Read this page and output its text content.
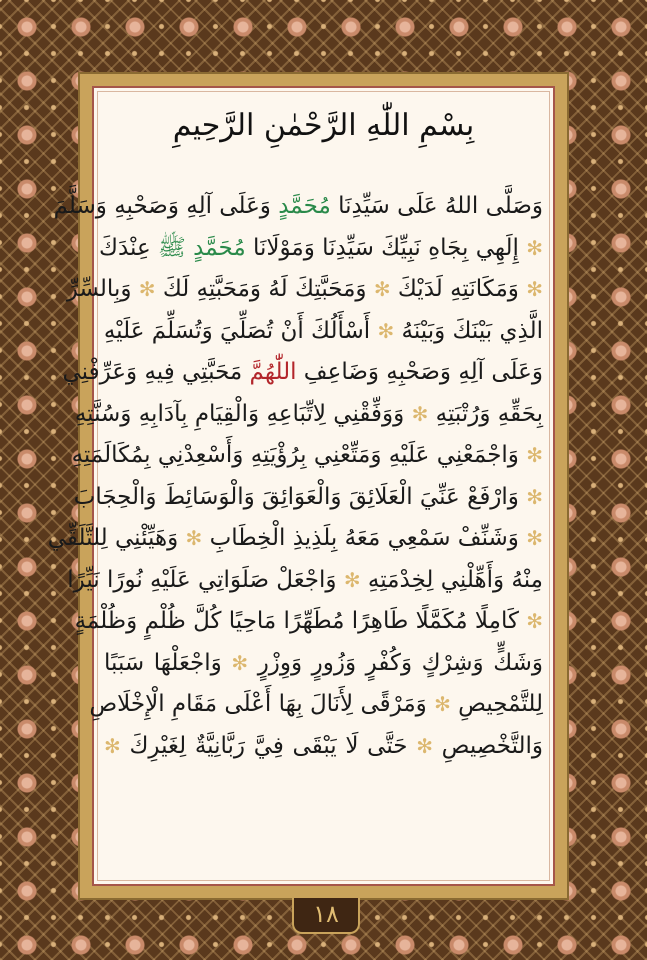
بِسْمِ اللّٰهِ الرَّحْمٰنِ الرَّحِيمِ
وَصَلَّى اللهُ عَلَى سَيِّدِنَا مُحَمَّدٍ وَعَلَى آلِهِ وَصَحْبِهِ وَسَلَّمَ
✻ إِلَهِي بِجَاهِ نَبِيِّكَ سَيِّدِنَا وَمَوْلَانَا مُحَمَّدٍ ﷺ عِنْدَكَ
✻ وَمَكَانَتِهِ لَدَيْكَ ✻ وَمَحَبَّتِكَ لَهُ وَمَحَبَّتِهِ لَكَ ✻ وَبِالسِّرِّ
الَّذِي بَيْنَكَ وَبَيْنَهُ ✻ أَسْأَلُكَ أَنْ تُصَلِّيَ وَتُسَلِّمَ عَلَيْهِ
وَعَلَى آلِهِ وَصَحْبِهِ وَضَاعِفِ اللّٰهُمَّ مَحَبَّتِي فِيهِ وَعَرِّفْنِي
بِحَقِّهِ وَرُتْبَتِهِ ✻ وَوَفِّقْنِي لِاتِّبَاعِهِ وَالْقِيَامِ بِآدَابِهِ وَسُنَّتِهِ
✻ وَاجْمَعْنِي عَلَيْهِ وَمَتِّعْنِي بِرُؤْيَتِهِ وَأَسْعِدْنِي بِمُكَالَمَتِهِ
✻ وَارْفَعْ عَنِّيَ الْعَلَائِقَ وَالْعَوَائِقَ وَالْوَسَائِطَ وَالْحِجَابَ
✻ وَشَنِّفْ سَمْعِي مَعَهُ بِلَذِيذِ الْخِطَابِ ✻ وَهَيِّئْنِي لِلتَّلَقِّي
مِنْهُ وَأَهِّلْنِي لِخِدْمَتِهِ ✻ وَاجْعَلْ صَلَوَاتِي عَلَيْهِ نُورًا نَيِّرًا
✻ كَامِلًا مُكَمَّلًا طَاهِرًا مُطَهِّرًا مَاحِيًا كُلَّ ظُلْمٍ وَظُلْمَةٍ
وَشَكٍّ وَشِرْكٍ وَكُفْرٍ وَزُورٍ وَوِزْرٍ ✻ وَاجْعَلْهَا سَبَبًا
لِلتَّمْحِيصِ ✻ وَمَرْقًى لِأَنَالَ بِهَا أَعْلَى مَقَامِ الْإِخْلَاصِ
وَالتَّخْصِيصِ ✻ حَتَّى لَا يَبْقَى فِيَّ رَبَّانِيَّةٌ لِغَيْرِكَ ✻
١٨
